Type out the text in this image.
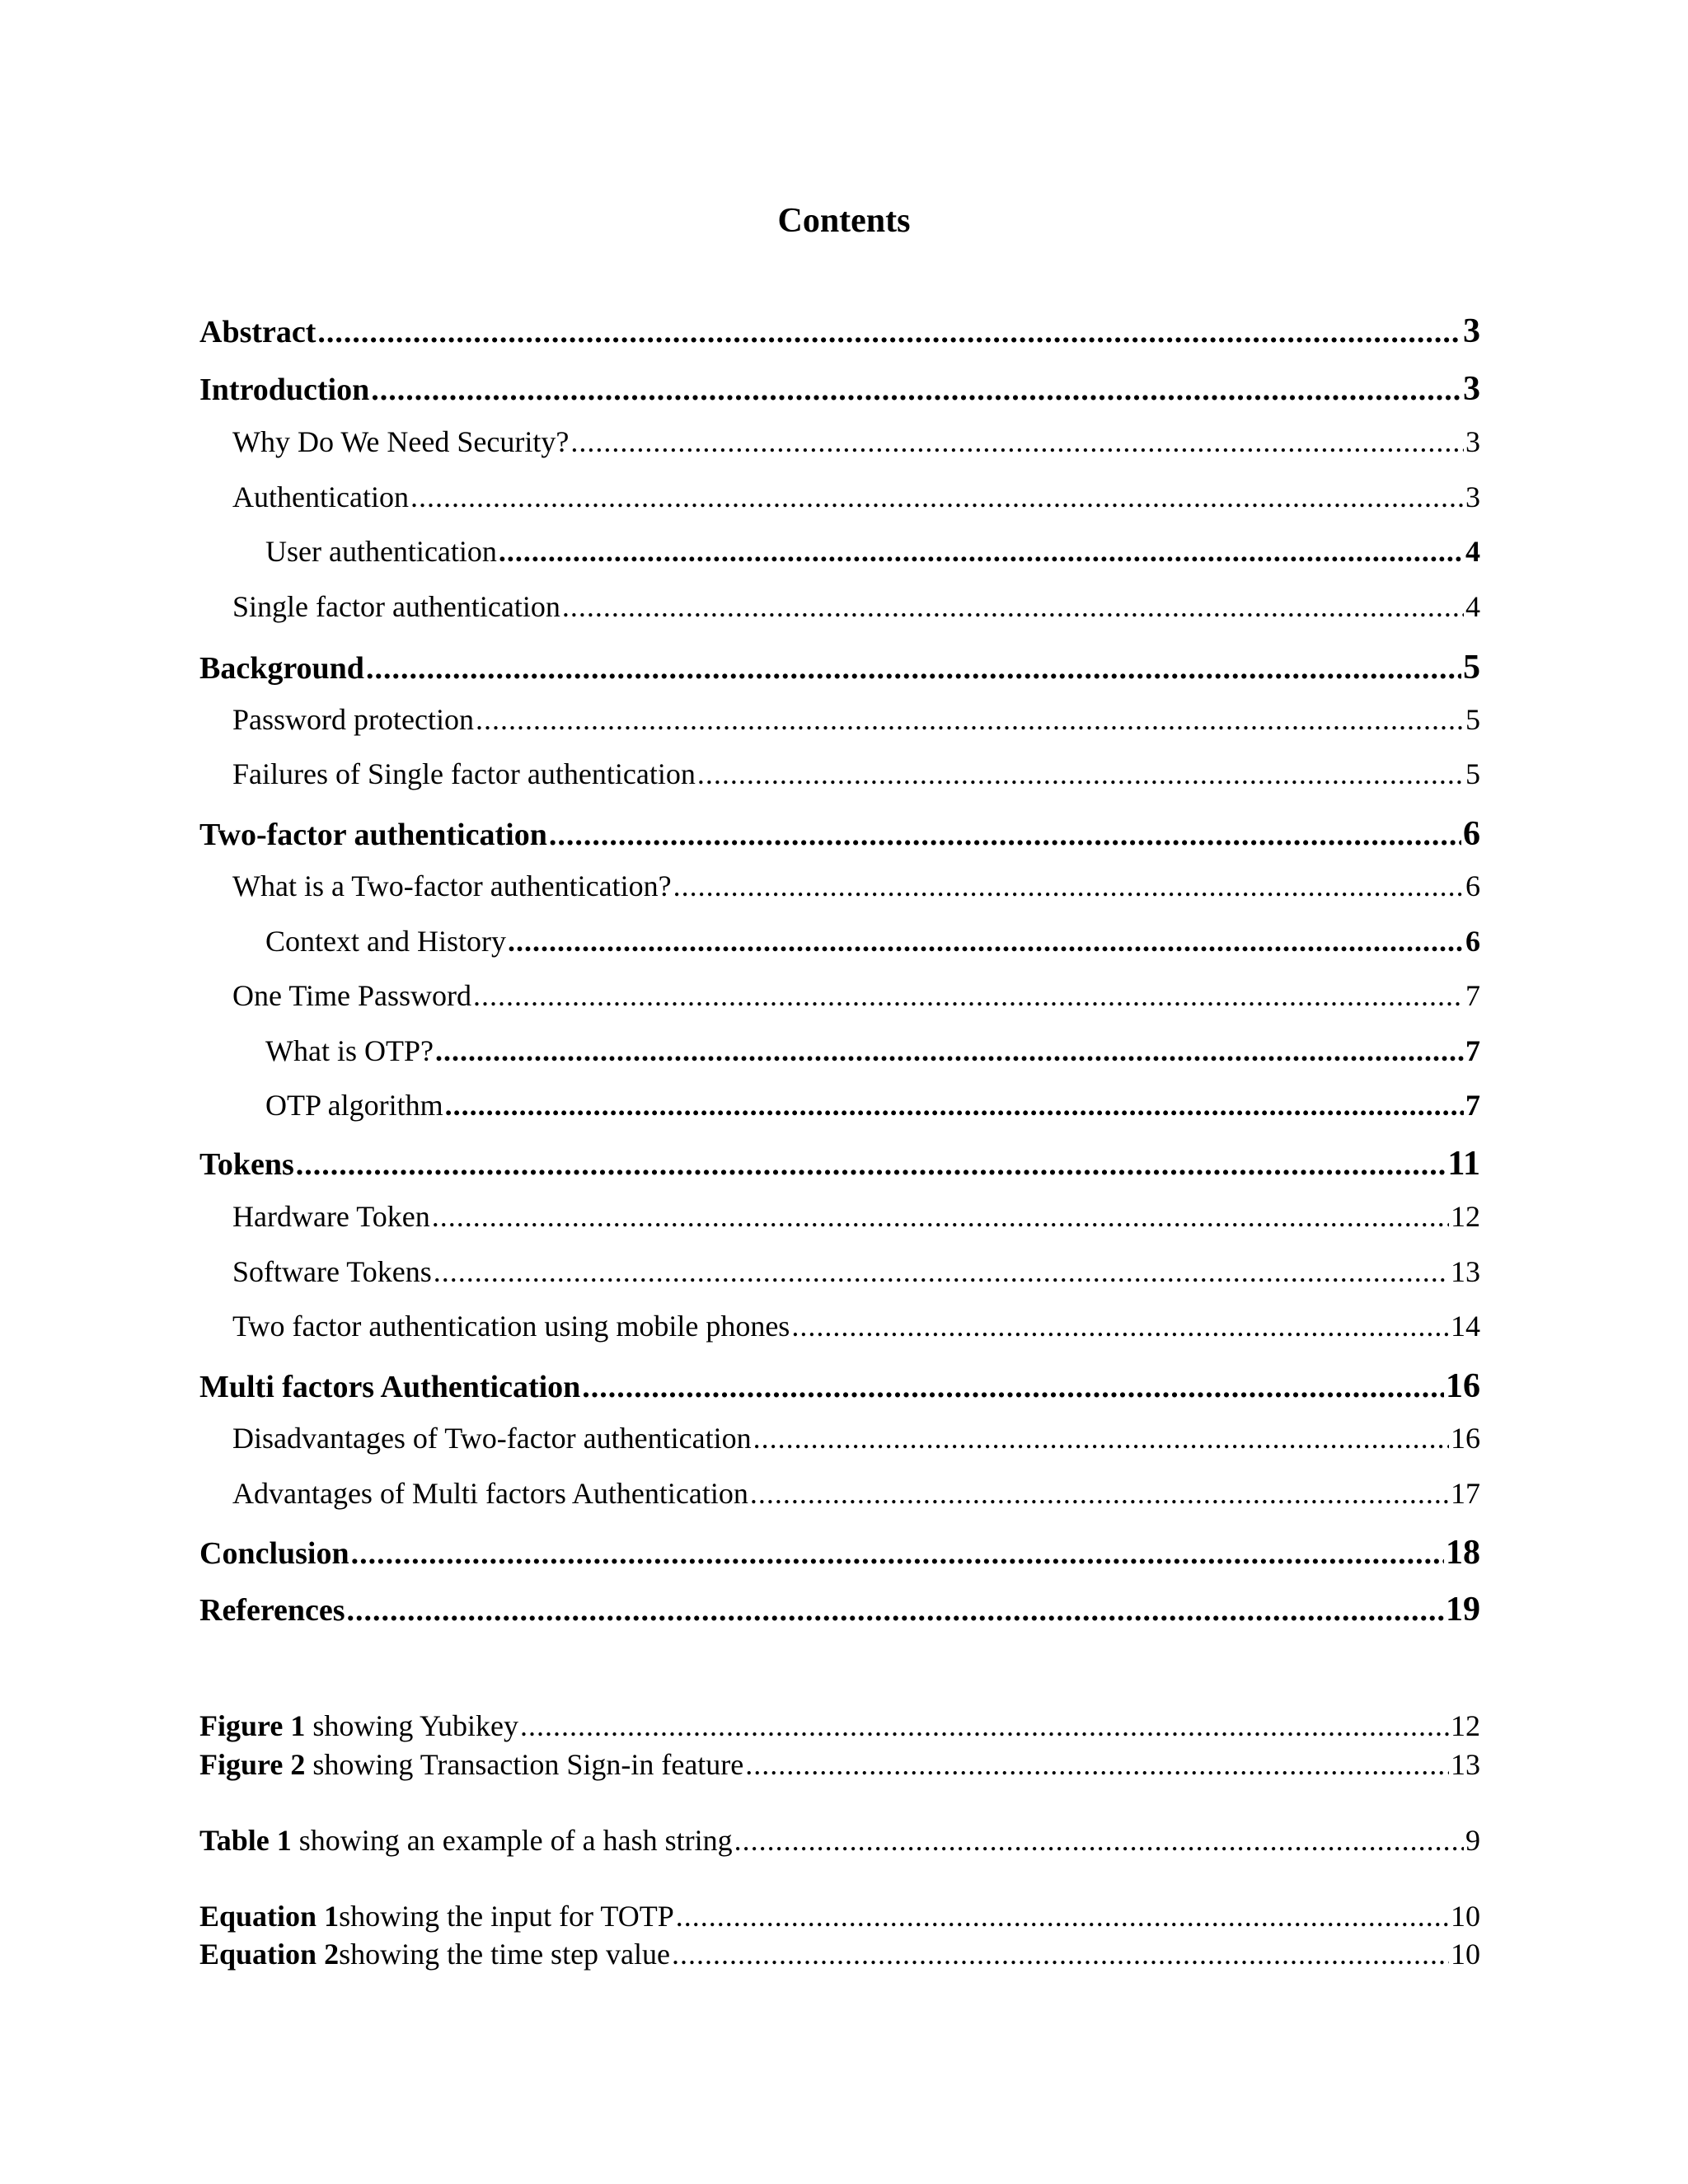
Contents
Abstract .....	3
Introduction .....	3
Why Do We Need Security? .....	3
Authentication .....	3
User authentication .....	4
Single factor authentication .....	4
Background .....	5
Password protection .....	5
Failures of Single factor authentication .....	5
Two-factor authentication .....	6
What is a Two-factor authentication? .....	6
Context and History .....	6
One Time Password .....	7
What is OTP? .....	7
OTP algorithm .....	7
Tokens .....	11
Hardware Token .....	12
Software Tokens .....	13
Two factor authentication using mobile phones .....	14
Multi factors Authentication .....	16
Disadvantages of Two-factor authentication .....	16
Advantages of Multi factors Authentication .....	17
Conclusion .....	18
References .....	19
Figure 1 showing Yubikey .....	12
Figure 2 showing Transaction Sign-in feature .....	13
Table 1 showing an example of a hash string .....	9
Equation 1showing the input for TOTP .....	10
Equation 2showing the time step value .....	10
